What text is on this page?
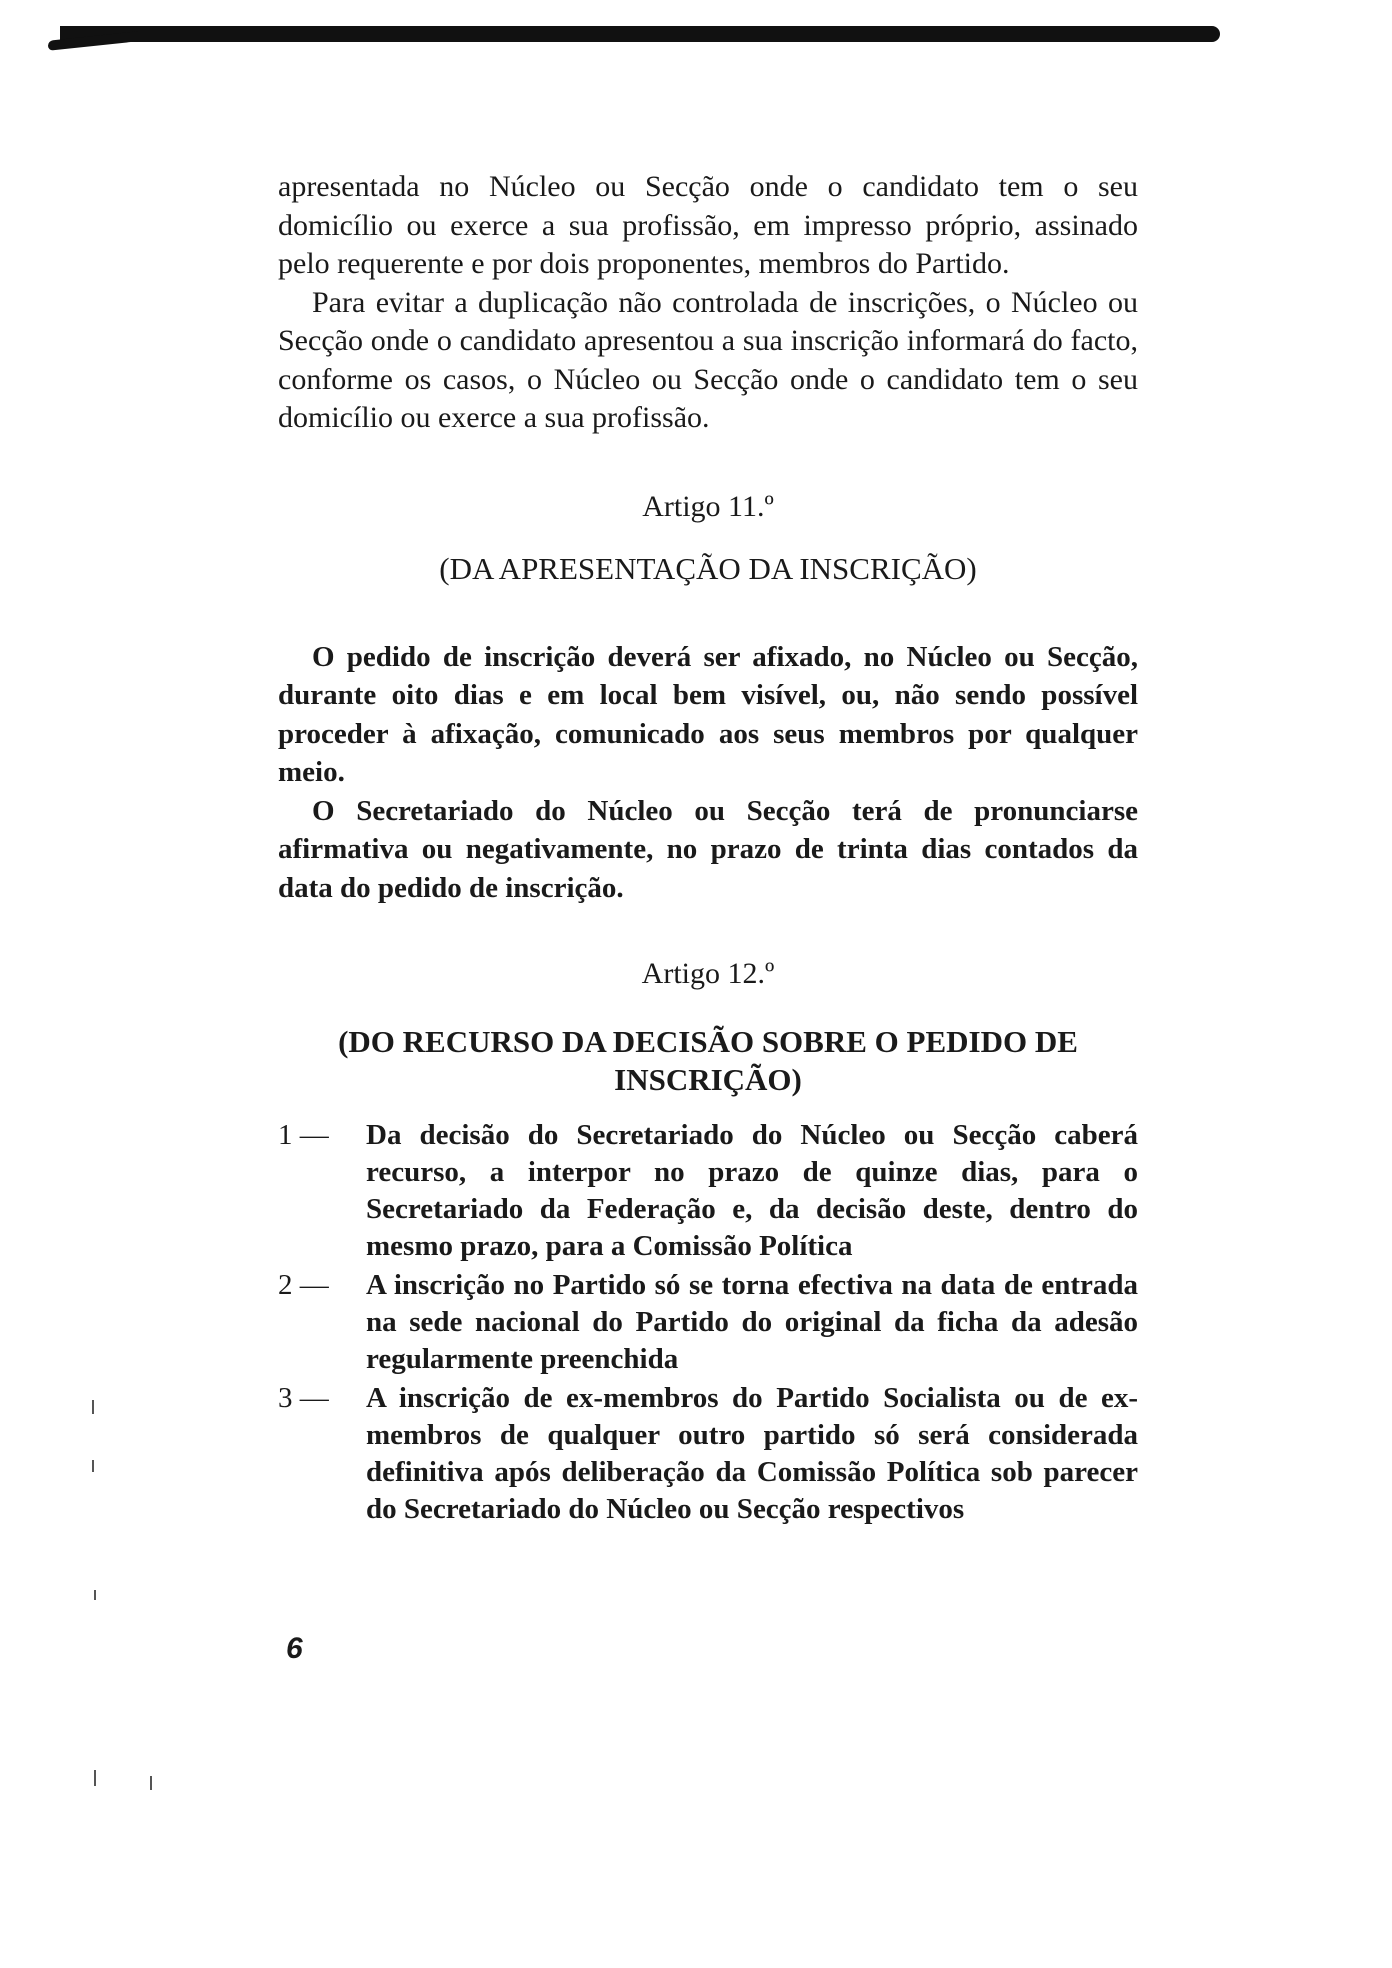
apresentada no Núcleo ou Secção onde o candidato tem o seu domicílio ou exerce a sua profissão, em impresso próprio, assinado pelo requerente e por dois proponentes, membros do Partido.

Para evitar a duplicação não controlada de inscrições, o Núcleo ou Secção onde o candidato apresentou a sua inscrição informará do facto, conforme os casos, o Núcleo ou Secção onde o candidato tem o seu domicílio ou exerce a sua profissão.

Artigo 11.º

(DA APRESENTAÇÃO DA INSCRIÇÃO)

O pedido de inscrição deverá ser afixado, no Núcleo ou Secção, durante oito dias e em local bem visível, ou, não sendo possível proceder à afixação, comunicado aos seus membros por qualquer meio.

O Secretariado do Núcleo ou Secção terá de pronunciarse afirmativa ou negativamente, no prazo de trinta dias contados da data do pedido de inscrição.

Artigo 12.º

(DO RECURSO DA DECISÃO SOBRE O PEDIDO DE INSCRIÇÃO)

1 —	Da decisão do Secretariado do Núcleo ou Secção caberá recurso, a interpor no prazo de quinze dias, para o Secretariado da Federação e, da decisão deste, dentro do mesmo prazo, para a Comissão Política
2 —	A inscrição no Partido só se torna efectiva na data de entrada na sede nacional do Partido do original da ficha da adesão regularmente preenchida
3 —	A inscrição de ex-membros do Partido Socialista ou de ex-membros de qualquer outro partido só será considerada definitiva após deliberação da Comissão Política sob parecer do Secretariado do Núcleo ou Secção respectivos
6
